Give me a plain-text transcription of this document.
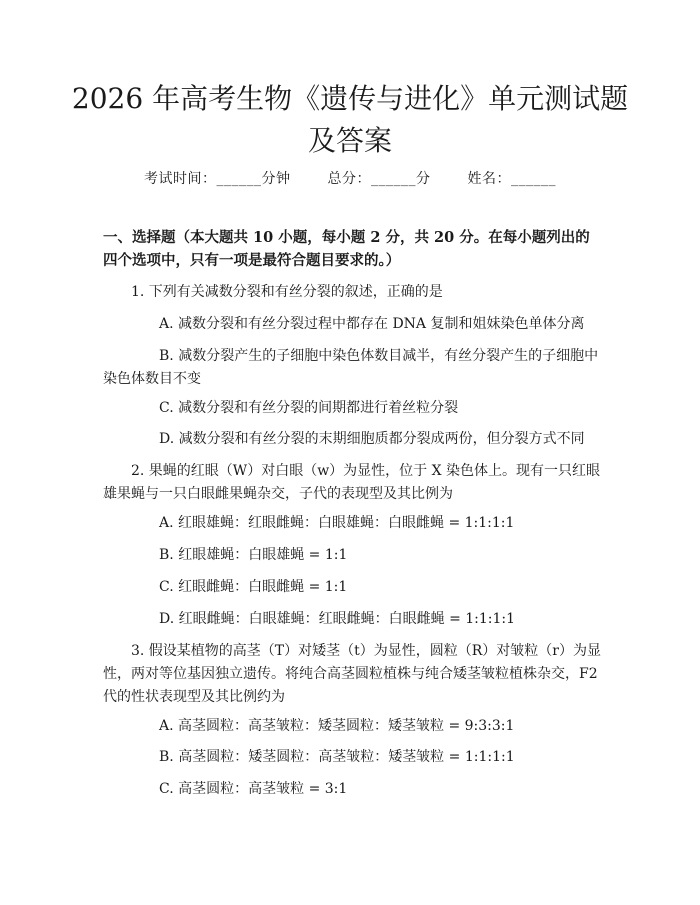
2026 年高考生物《遗传与进化》单元测试题及答案
考试时间：______分钟	总分：______分	姓名：______
一、选择题（本大题共 10 小题，每小题 2 分，共 20 分。在每小题列出的四个选项中，只有一项是最符合题目要求的。）
1. 下列有关减数分裂和有丝分裂的叙述，正确的是
A. 减数分裂和有丝分裂过程中都存在 DNA 复制和姐妹染色单体分离
B. 减数分裂产生的子细胞中染色体数目减半，有丝分裂产生的子细胞中染色体数目不变
C. 减数分裂和有丝分裂的间期都进行着丝粒分裂
D. 减数分裂和有丝分裂的末期细胞质都分裂成两份，但分裂方式不同
2. 果蝇的红眼（W）对白眼（w）为显性，位于 X 染色体上。现有一只红眼雄果蝇与一只白眼雌果蝇杂交，子代的表现型及其比例为
A. 红眼雄蝇：红眼雌蝇：白眼雄蝇：白眼雌蝇 = 1:1:1:1
B. 红眼雄蝇：白眼雄蝇 = 1:1
C. 红眼雌蝇：白眼雌蝇 = 1:1
D. 红眼雌蝇：白眼雄蝇：红眼雌蝇：白眼雌蝇 = 1:1:1:1
3. 假设某植物的高茎（T）对矮茎（t）为显性，圆粒（R）对皱粒（r）为显性，两对等位基因独立遗传。将纯合高茎圆粒植株与纯合矮茎皱粒植株杂交，F2 代的性状表现型及其比例约为
A. 高茎圆粒：高茎皱粒：矮茎圆粒：矮茎皱粒 = 9:3:3:1
B. 高茎圆粒：矮茎圆粒：高茎皱粒：矮茎皱粒 = 1:1:1:1
C. 高茎圆粒：高茎皱粒 = 3:1
